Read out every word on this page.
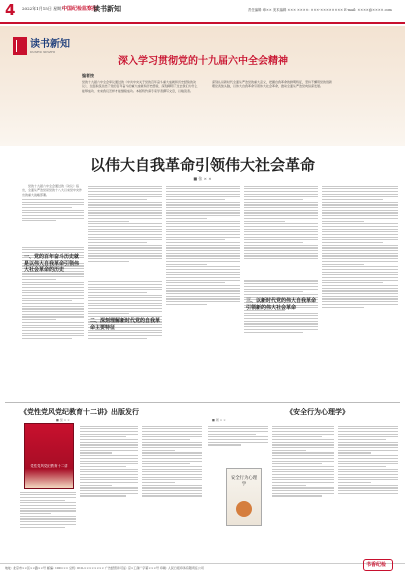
4 2022年1月15日 星期六
中国纪检监察报
读书新知	责任编辑 章×× 美术编辑 ××× ××××: ×××-×××××××× E-mail: ××××@××××.com
读书新知
DUSHU XINZHI
深入学习贯彻党的十九届六中全会精神
编者按
党的十九届六中全会审议通过的《中共中央关于党的百年奋斗重大成就和历史经验的决议》，全面系统总结了党的百年奋斗的重大成就和历史经验，深刻阐明了过去我们为什么能够成功、未来我们怎样才能继续成功。本版特约请专家学者撰写文章，以飨读者。
深刻认识新时代全面从严治党的重大意义，把握自我革命的鲜明特征，坚持不懈用党的创新理论武装头脑，以伟大自我革命引领伟大社会革命，推动全面从严治党向纵深发展。
以伟大自我革命引领伟大社会革命
■ 张 × ×
党的十九届六中全会通过的《决议》指出，全面从严治党是党的十八大以来党中央作出的重大战略部署。
一、党的百年奋斗历史就是以伟大自我革命引领伟大社会革命的历史
二、深刻理解新时代党的自我革命主要特征
三、以新时代党的伟大自我革命引领新的伟大社会革命
《党性党风党纪教育十二讲》出版发行
■ 吴 × ×
党性党风党纪教育十二讲
《安全行为心理学》
■ 周 × ×
安全行为心理学
地址: 北京市××区××路××号 邮编: 100××× 总机: 010-×××××××× 广告经营许可证: 京×工商广字第×××号 印刷: 人民日报印务有限责任公司	书香纪检
